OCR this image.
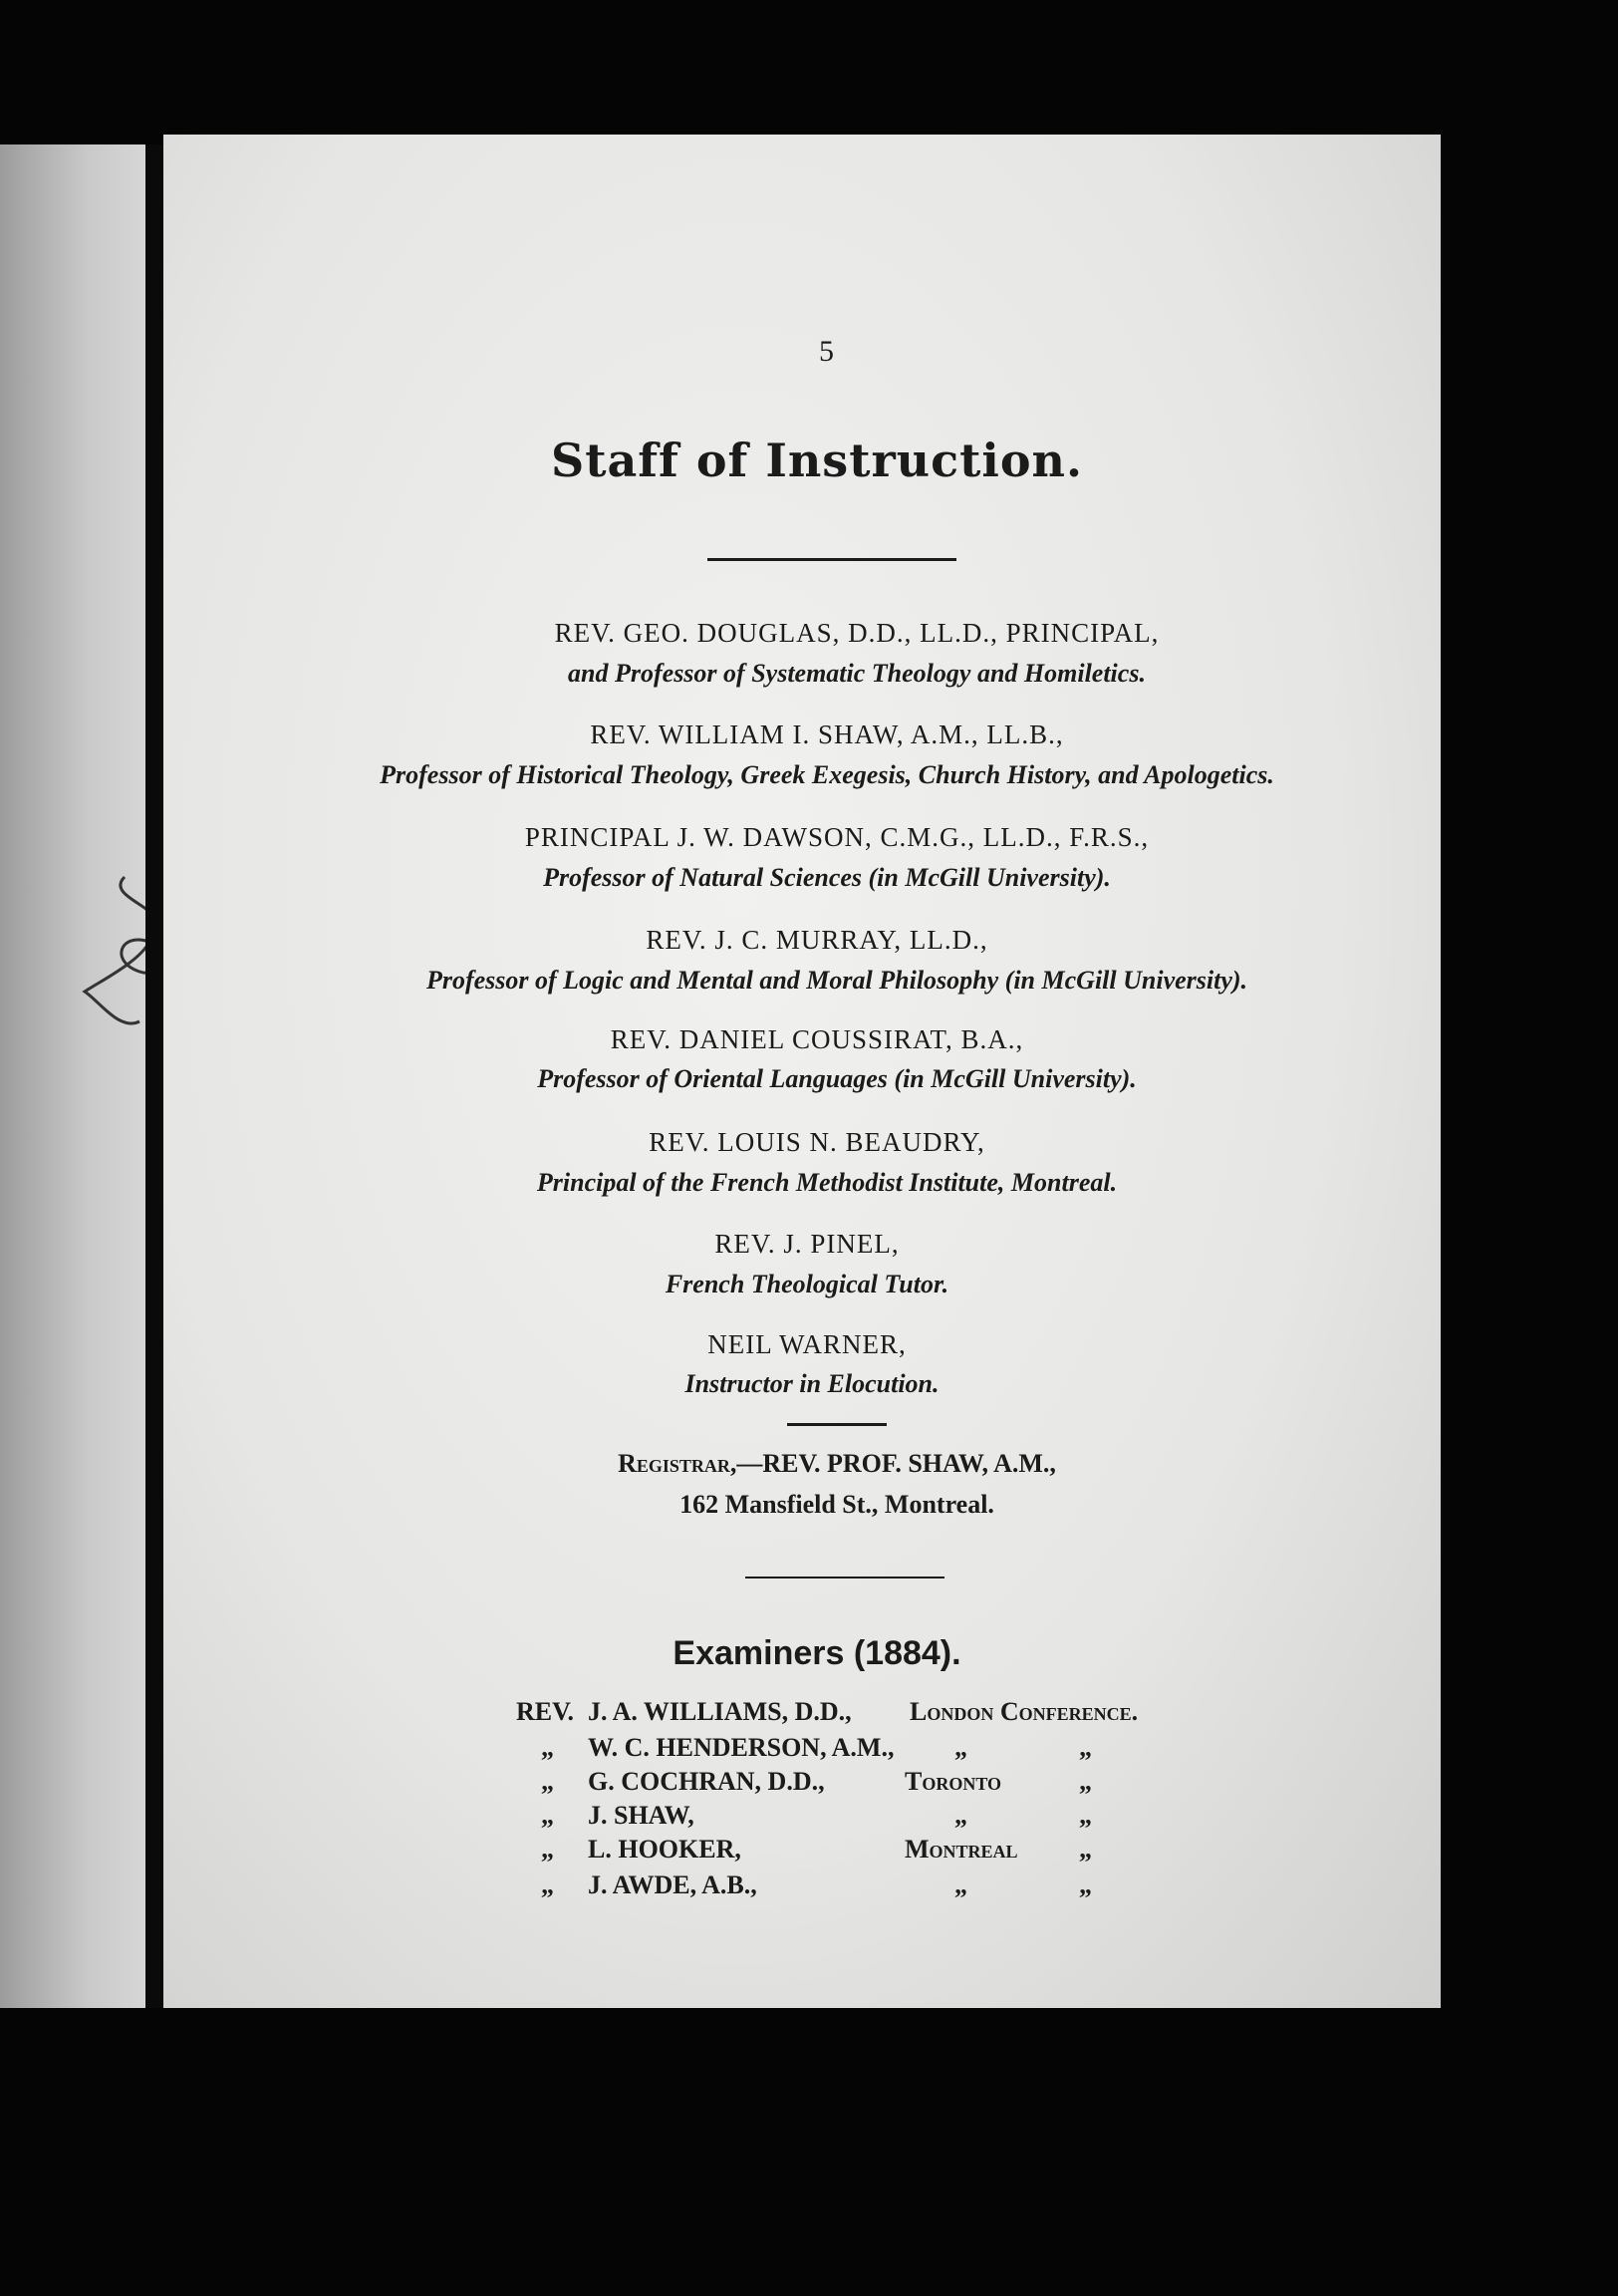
5
Staff of Instruction.
REV. GEO. DOUGLAS, D.D., LL.D., PRINCIPAL,
and Professor of Systematic Theology and Homiletics.
REV. WILLIAM I. SHAW, A.M., LL.B.,
Professor of Historical Theology, Greek Exegesis, Church History, and Apologetics.
PRINCIPAL J. W. DAWSON, C.M.G., LL.D., F.R.S.,
Professor of Natural Sciences (in McGill University).
REV. J. C. MURRAY, LL.D.,
Professor of Logic and Mental and Moral Philosophy (in McGill University).
REV. DANIEL COUSSIRAT, B.A.,
Professor of Oriental Languages (in McGill University).
REV. LOUIS N. BEAUDRY,
Principal of the French Methodist Institute, Montreal.
REV. J. PINEL,
French Theological Tutor.
NEIL WARNER,
Instructor in Elocution.
Registrar,—REV. PROF. SHAW, A.M.,
162 Mansfield St., Montreal.
Examiners (1884).
REV. J. A. WILLIAMS, D.D., London Conference.
„ W. C. HENDERSON, A.M., „	„
„ G. COCHRAN, D.D.,	Toronto	„
„ J. SHAW,	„	„
„ L. HOOKER,	Montreal „
„ J. AWDE, A.B.,	„	„
